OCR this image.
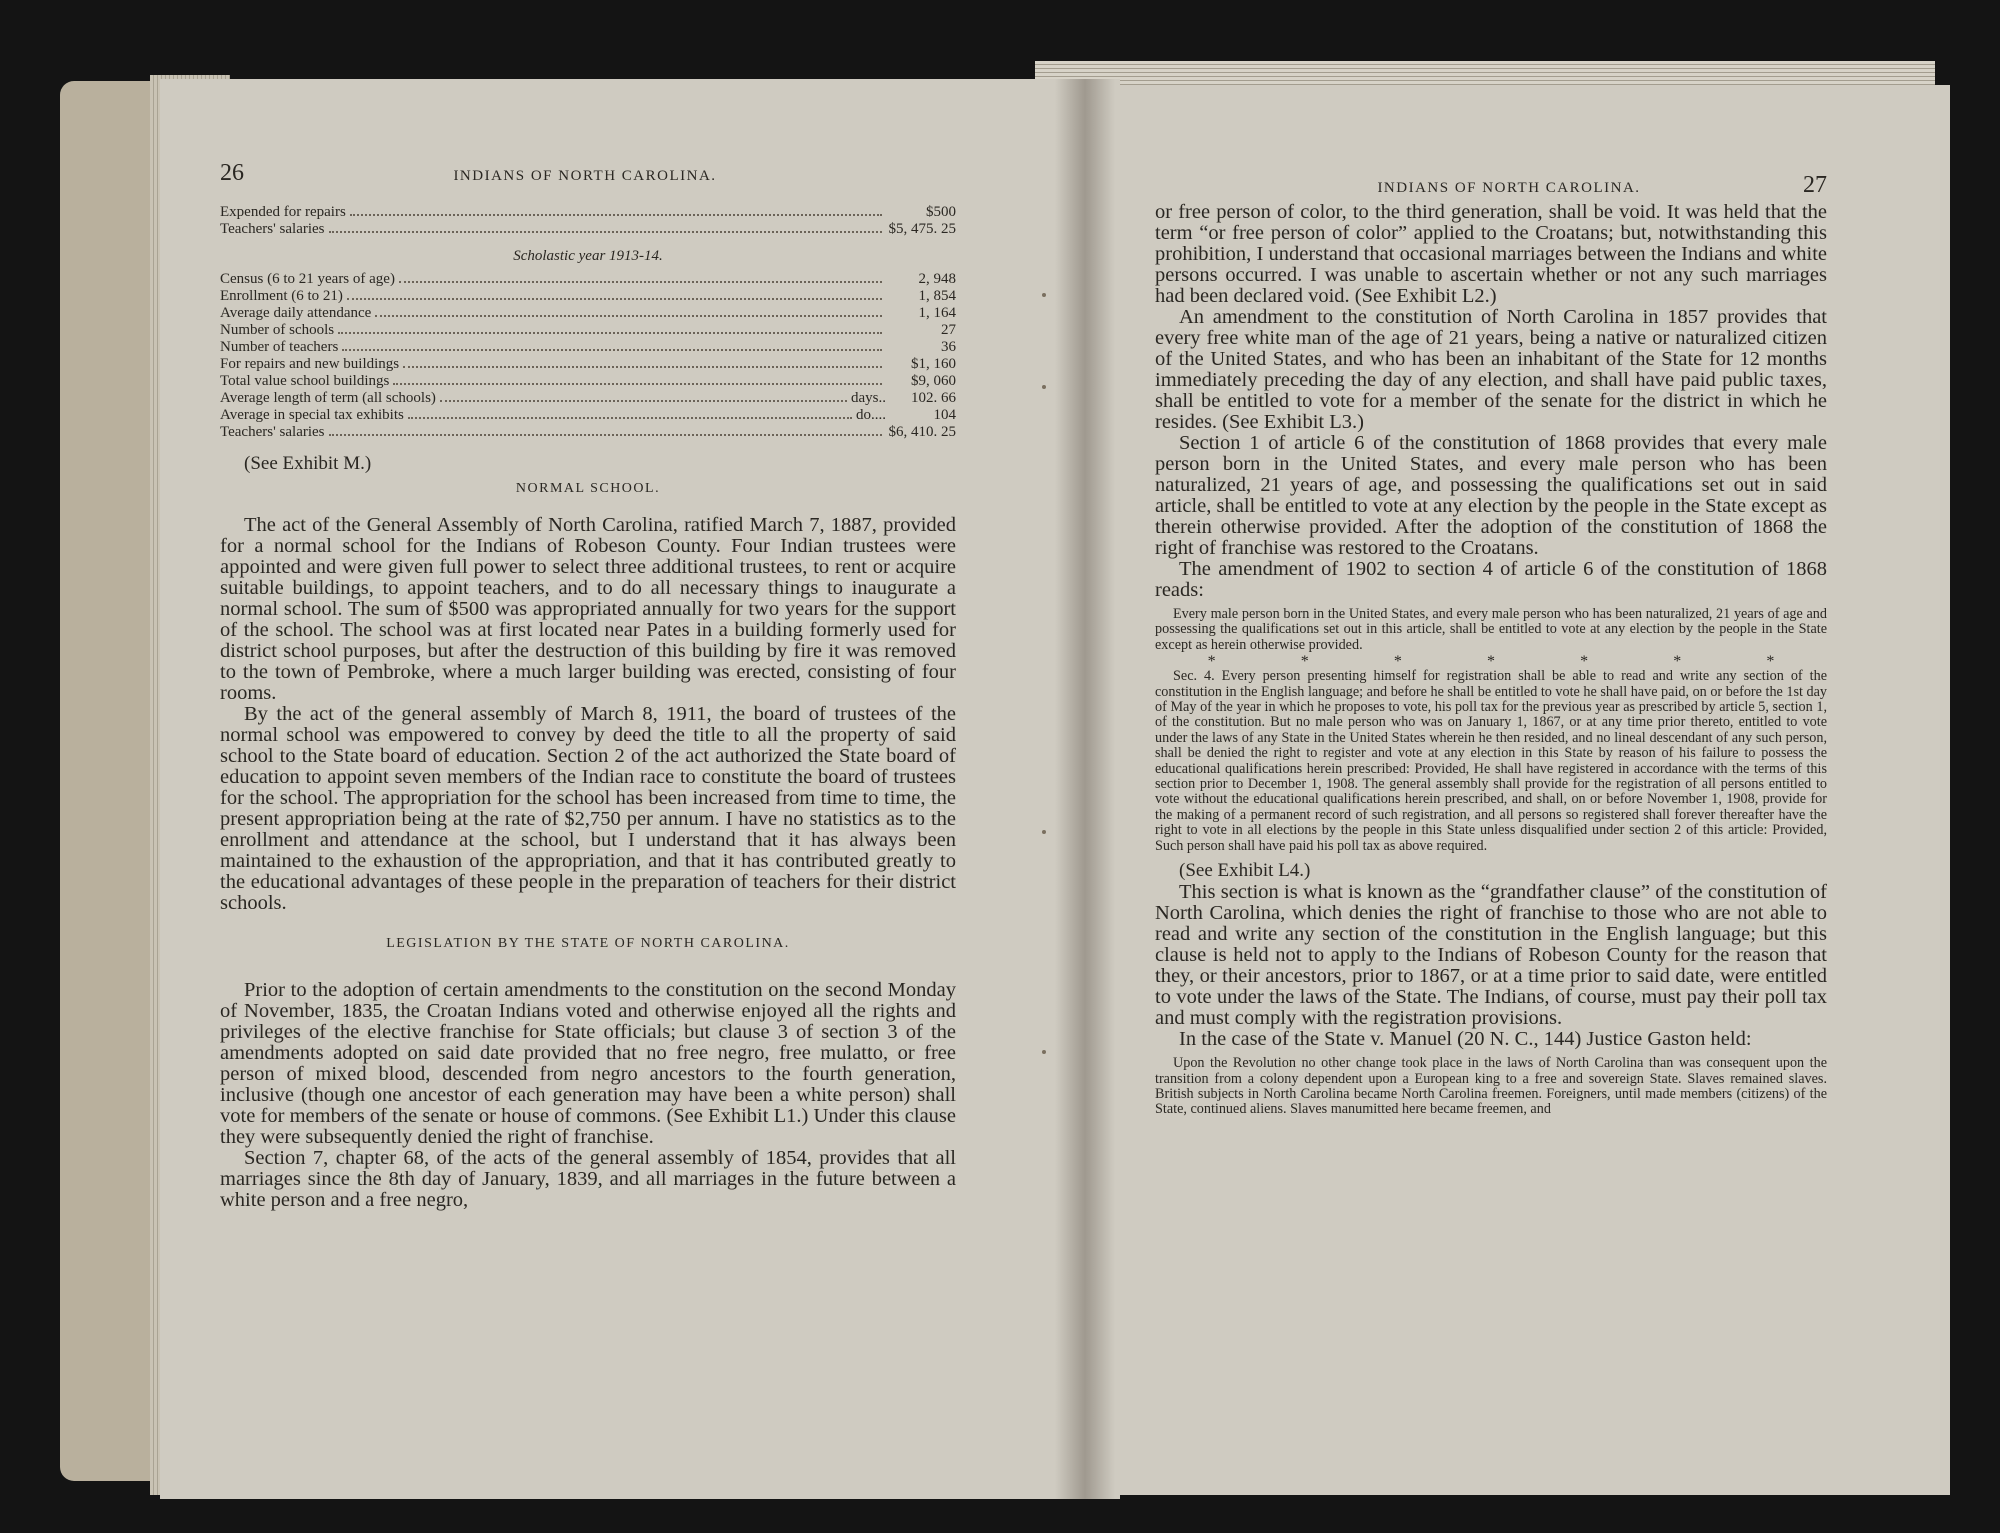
26	INDIANS OF NORTH CAROLINA.
Expended for repairs	$500
Teachers' salaries	$5, 475. 25
Scholastic year 1913-14.
Census (6 to 21 years of age)	2, 948
Enrollment (6 to 21)	1, 854
Average daily attendance	1, 164
Number of schools	27
Number of teachers	36
For repairs and new buildings	$1, 160
Total value school buildings	$9, 060
Average length of term (all schools)	days..	102. 66
Average in special tax exhibits	do....	104
Teachers' salaries	$6, 410. 25
(See Exhibit M.)
NORMAL SCHOOL.

The act of the General Assembly of North Carolina, ratified March 7, 1887, provided for a normal school for the Indians of Robeson County. Four Indian trustees were appointed and were given full power to select three additional trustees, to rent or acquire suitable buildings, to appoint teachers, and to do all necessary things to inaugurate a normal school. The sum of $500 was appropriated annually for two years for the support of the school. The school was at first located near Pates in a building formerly used for district school purposes, but after the destruction of this building by fire it was removed to the town of Pembroke, where a much larger building was erected, consisting of four rooms.

By the act of the general assembly of March 8, 1911, the board of trustees of the normal school was empowered to convey by deed the title to all the property of said school to the State board of education. Section 2 of the act authorized the State board of education to appoint seven members of the Indian race to constitute the board of trustees for the school. The appropriation for the school has been increased from time to time, the present appropriation being at the rate of $2,750 per annum. I have no statistics as to the enrollment and attendance at the school, but I understand that it has always been maintained to the exhaustion of the appropriation, and that it has contributed greatly to the educational advantages of these people in the preparation of teachers for their district schools.

LEGISLATION BY THE STATE OF NORTH CAROLINA.

Prior to the adoption of certain amendments to the constitution on the second Monday of November, 1835, the Croatan Indians voted and otherwise enjoyed all the rights and privileges of the elective franchise for State officials; but clause 3 of section 3 of the amendments adopted on said date provided that no free negro, free mulatto, or free person of mixed blood, descended from negro ancestors to the fourth generation, inclusive (though one ancestor of each generation may have been a white person) shall vote for members of the senate or house of commons. (See Exhibit L1.) Under this clause they were subsequently denied the right of franchise.

Section 7, chapter 68, of the acts of the general assembly of 1854, provides that all marriages since the 8th day of January, 1839, and all marriages in the future between a white person and a free negro,

INDIANS OF NORTH CAROLINA.	27

or free person of color, to the third generation, shall be void. It was held that the term “or free person of color” applied to the Croatans; but, notwithstanding this prohibition, I understand that occasional marriages between the Indians and white persons occurred. I was unable to ascertain whether or not any such marriages had been declared void. (See Exhibit L2.)

An amendment to the constitution of North Carolina in 1857 provides that every free white man of the age of 21 years, being a native or naturalized citizen of the United States, and who has been an inhabitant of the State for 12 months immediately preceding the day of any election, and shall have paid public taxes, shall be entitled to vote for a member of the senate for the district in which he resides. (See Exhibit L3.)

Section 1 of article 6 of the constitution of 1868 provides that every male person born in the United States, and every male person who has been naturalized, 21 years of age, and possessing the qualifications set out in said article, shall be entitled to vote at any election by the people in the State except as therein otherwise provided. After the adoption of the constitution of 1868 the right of franchise was restored to the Croatans.

The amendment of 1902 to section 4 of article 6 of the constitution of 1868 reads:

Every male person born in the United States, and every male person who has been naturalized, 21 years of age and possessing the qualifications set out in this article, shall be entitled to vote at any election by the people in the State except as herein otherwise provided.

*	*	*	*	*	*	*

Sec. 4. Every person presenting himself for registration shall be able to read and write any section of the constitution in the English language; and before he shall be entitled to vote he shall have paid, on or before the 1st day of May of the year in which he proposes to vote, his poll tax for the previous year as prescribed by article 5, section 1, of the constitution. But no male person who was on January 1, 1867, or at any time prior thereto, entitled to vote under the laws of any State in the United States wherein he then resided, and no lineal descendant of any such person, shall be denied the right to register and vote at any election in this State by reason of his failure to possess the educational qualifications herein prescribed: Provided, He shall have registered in accordance with the terms of this section prior to December 1, 1908. The general assembly shall provide for the registration of all persons entitled to vote without the educational qualifications herein prescribed, and shall, on or before November 1, 1908, provide for the making of a permanent record of such registration, and all persons so registered shall forever thereafter have the right to vote in all elections by the people in this State unless disqualified under section 2 of this article: Provided, Such person shall have paid his poll tax as above required.

(See Exhibit L4.)

This section is what is known as the “grandfather clause” of the constitution of North Carolina, which denies the right of franchise to those who are not able to read and write any section of the constitution in the English language; but this clause is held not to apply to the Indians of Robeson County for the reason that they, or their ancestors, prior to 1867, or at a time prior to said date, were entitled to vote under the laws of the State. The Indians, of course, must pay their poll tax and must comply with the registration provisions.

In the case of the State v. Manuel (20 N. C., 144) Justice Gaston held:

Upon the Revolution no other change took place in the laws of North Carolina than was consequent upon the transition from a colony dependent upon a European king to a free and sovereign State. Slaves remained slaves. British subjects in North Carolina became North Carolina freemen. Foreigners, until made members (citizens) of the State, continued aliens. Slaves manumitted here became freemen, and
